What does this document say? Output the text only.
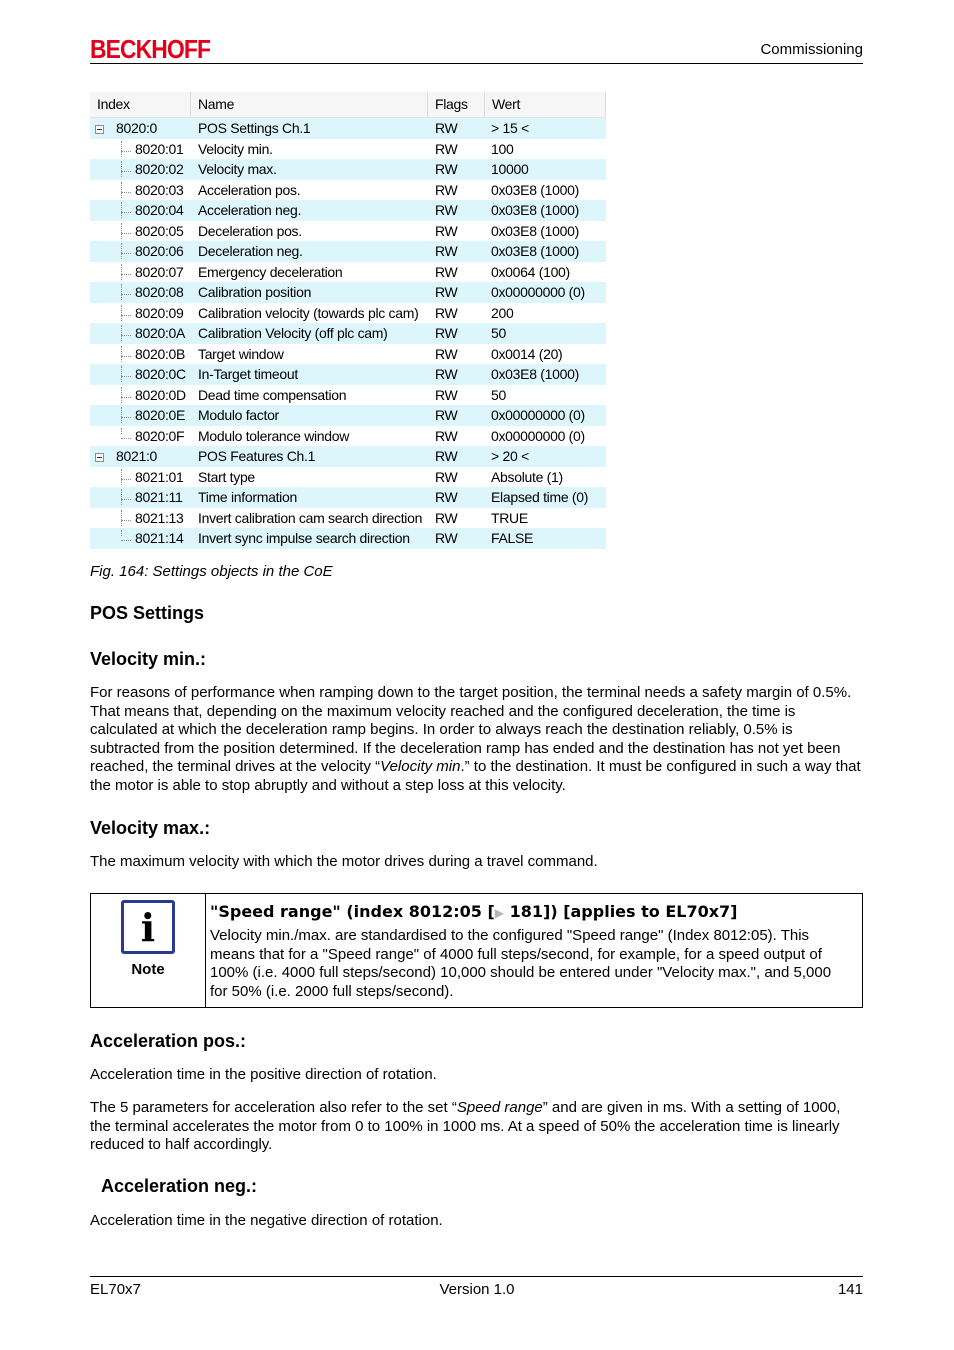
BECKHOFF	Commissioning
Index	Name	Flags	Wert
8020:0	POS Settings Ch.1	RW	> 15 <
8020:01	Velocity min.	RW	100
8020:02	Velocity max.	RW	10000
8020:03	Acceleration pos.	RW	0x03E8 (1000)
8020:04	Acceleration neg.	RW	0x03E8 (1000)
8020:05	Deceleration pos.	RW	0x03E8 (1000)
8020:06	Deceleration neg.	RW	0x03E8 (1000)
8020:07	Emergency deceleration	RW	0x0064 (100)
8020:08	Calibration position	RW	0x00000000 (0)
8020:09	Calibration velocity (towards plc cam)	RW	200
8020:0A Calibration Velocity (off plc cam)	RW	50
8020:0B Target window	RW	0x0014 (20)
8020:0C In-Target timeout	RW	0x03E8 (1000)
8020:0D Dead time compensation	RW	50
8020:0E Modulo factor	RW	0x00000000 (0)
8020:0F Modulo tolerance window	RW	0x00000000 (0)
8021:0	POS Features Ch.1	RW	> 20 <
8021:01	Start type	RW	Absolute (1)
8021:11	Time information	RW	Elapsed time (0)
8021:13	Invert calibration cam search direction RW	TRUE
8021:14	Invert sync impulse search direction	RW	FALSE
Fig. 164: Settings objects in the CoE
POS Settings
Velocity min.:
For reasons of performance when ramping down to the target position, the terminal needs a safety margin of 0.5%. That means that, depending on the maximum velocity reached and the configured deceleration, the time is calculated at which the deceleration ramp begins. In order to always reach the destination reliably, 0.5% is subtracted from the position determined. If the deceleration ramp has ended and the destination has not yet been reached, the terminal drives at the velocity “Velocity min.” to the destination. It must be configured in such a way that the motor is able to stop abruptly and without a step loss at this velocity.
Velocity max.:
The maximum velocity with which the motor drives during a travel command.
i
Note
"Speed range" (index 8012:05 [▶ 181]) [applies to EL70x7]
Velocity min./max. are standardised to the configured "Speed range" (Index 8012:05). This means that for a "Speed range" of 4000 full steps/second, for example, for a speed output of 100% (i.e. 4000 full steps/second) 10,000 should be entered under "Velocity max.", and 5,000 for 50% (i.e. 2000 full steps/second).
Acceleration pos.:
Acceleration time in the positive direction of rotation.
The 5 parameters for acceleration also refer to the set “Speed range” and are given in ms. With a setting of 1000, the terminal accelerates the motor from 0 to 100% in 1000 ms. At a speed of 50% the acceleration time is linearly reduced to half accordingly.
Acceleration neg.:
Acceleration time in the negative direction of rotation.
EL70x7	Version 1.0	141
